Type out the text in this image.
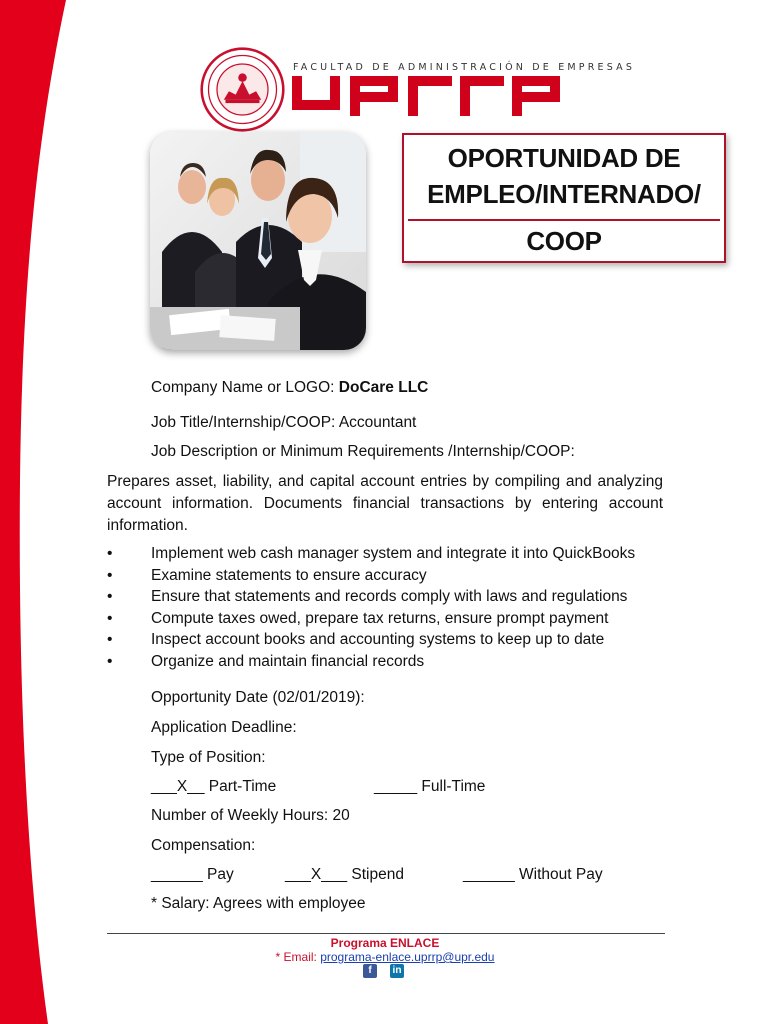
FACULTAD DE ADMINISTRACIÓN DE EMPRESAS
OPORTUNIDAD DE
EMPLEO/INTERNADO/
COOP
Company Name or LOGO: DoCare LLC
Job Title/Internship/COOP: Accountant
Job Description or Minimum Requirements /Internship/COOP:
Prepares asset, liability, and capital account entries by compiling and analyzing account information. Documents financial transactions by entering account information.
• Implement web cash manager system and integrate it into QuickBooks
• Examine statements to ensure accuracy
• Ensure that statements and records comply with laws and regulations
• Compute taxes owed, prepare tax returns, ensure prompt payment
• Inspect account books and accounting systems to keep up to date
• Organize and maintain financial records
Opportunity Date (02/01/2019):
Application Deadline:
Type of Position:
___X__ Part-Time	_____ Full-Time
Number of Weekly Hours: 20
Compensation:
______ Pay	___X___ Stipend	______ Without Pay
* Salary: Agrees with employee
Programa ENLACE
* Email: programa-enlace.uprrp@upr.edu
f	in
